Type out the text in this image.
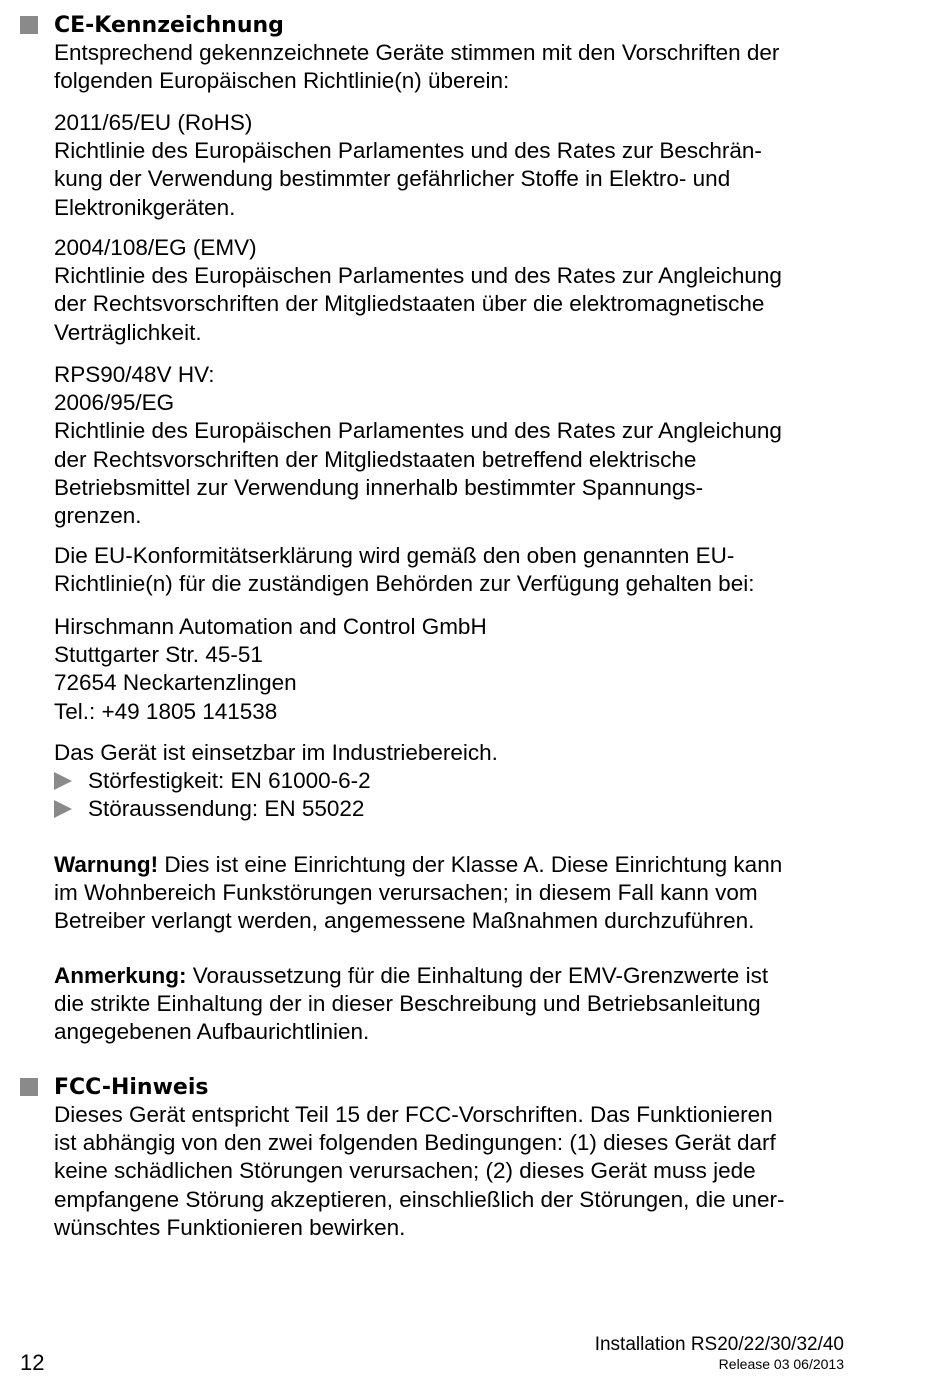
CE-Kennzeichnung
Entsprechend gekennzeichnete Geräte stimmen mit den Vorschriften der
folgenden Europäischen Richtlinie(n) überein:
2011/65/EU (RoHS)
Richtlinie des Europäischen Parlamentes und des Rates zur Beschrän-
kung der Verwendung bestimmter gefährlicher Stoffe in Elektro- und
Elektronikgeräten.
2004/108/EG (EMV)
Richtlinie des Europäischen Parlamentes und des Rates zur Angleichung
der Rechtsvorschriften der Mitgliedstaaten über die elektromagnetische
Verträglichkeit.
RPS90/48V HV:
2006/95/EG
Richtlinie des Europäischen Parlamentes und des Rates zur Angleichung
der Rechtsvorschriften der Mitgliedstaaten betreffend elektrische
Betriebsmittel zur Verwendung innerhalb bestimmter Spannungs-
grenzen.
Die EU-Konformitätserklärung wird gemäß den oben genannten EU-
Richtlinie(n) für die zuständigen Behörden zur Verfügung gehalten bei:
Hirschmann Automation and Control GmbH
Stuttgarter Str. 45-51
72654 Neckartenzlingen
Tel.: +49 1805 141538
Das Gerät ist einsetzbar im Industriebereich.
Störfestigkeit: EN 61000-6-2
Störaussendung: EN 55022
Warnung! Dies ist eine Einrichtung der Klasse A. Diese Einrichtung kann
im Wohnbereich Funkstörungen verursachen; in diesem Fall kann vom
Betreiber verlangt werden, angemessene Maßnahmen durchzuführen.
Anmerkung: Voraussetzung für die Einhaltung der EMV-Grenzwerte ist
die strikte Einhaltung der in dieser Beschreibung und Betriebsanleitung
angegebenen Aufbaurichtlinien.
FCC-Hinweis
Dieses Gerät entspricht Teil 15 der FCC-Vorschriften. Das Funktionieren
ist abhängig von den zwei folgenden Bedingungen: (1) dieses Gerät darf
keine schädlichen Störungen verursachen; (2) dieses Gerät muss jede
empfangene Störung akzeptieren, einschließlich der Störungen, die uner-
wünschtes Funktionieren bewirken.
12
Installation RS20/22/30/32/40
Release 03 06/2013
